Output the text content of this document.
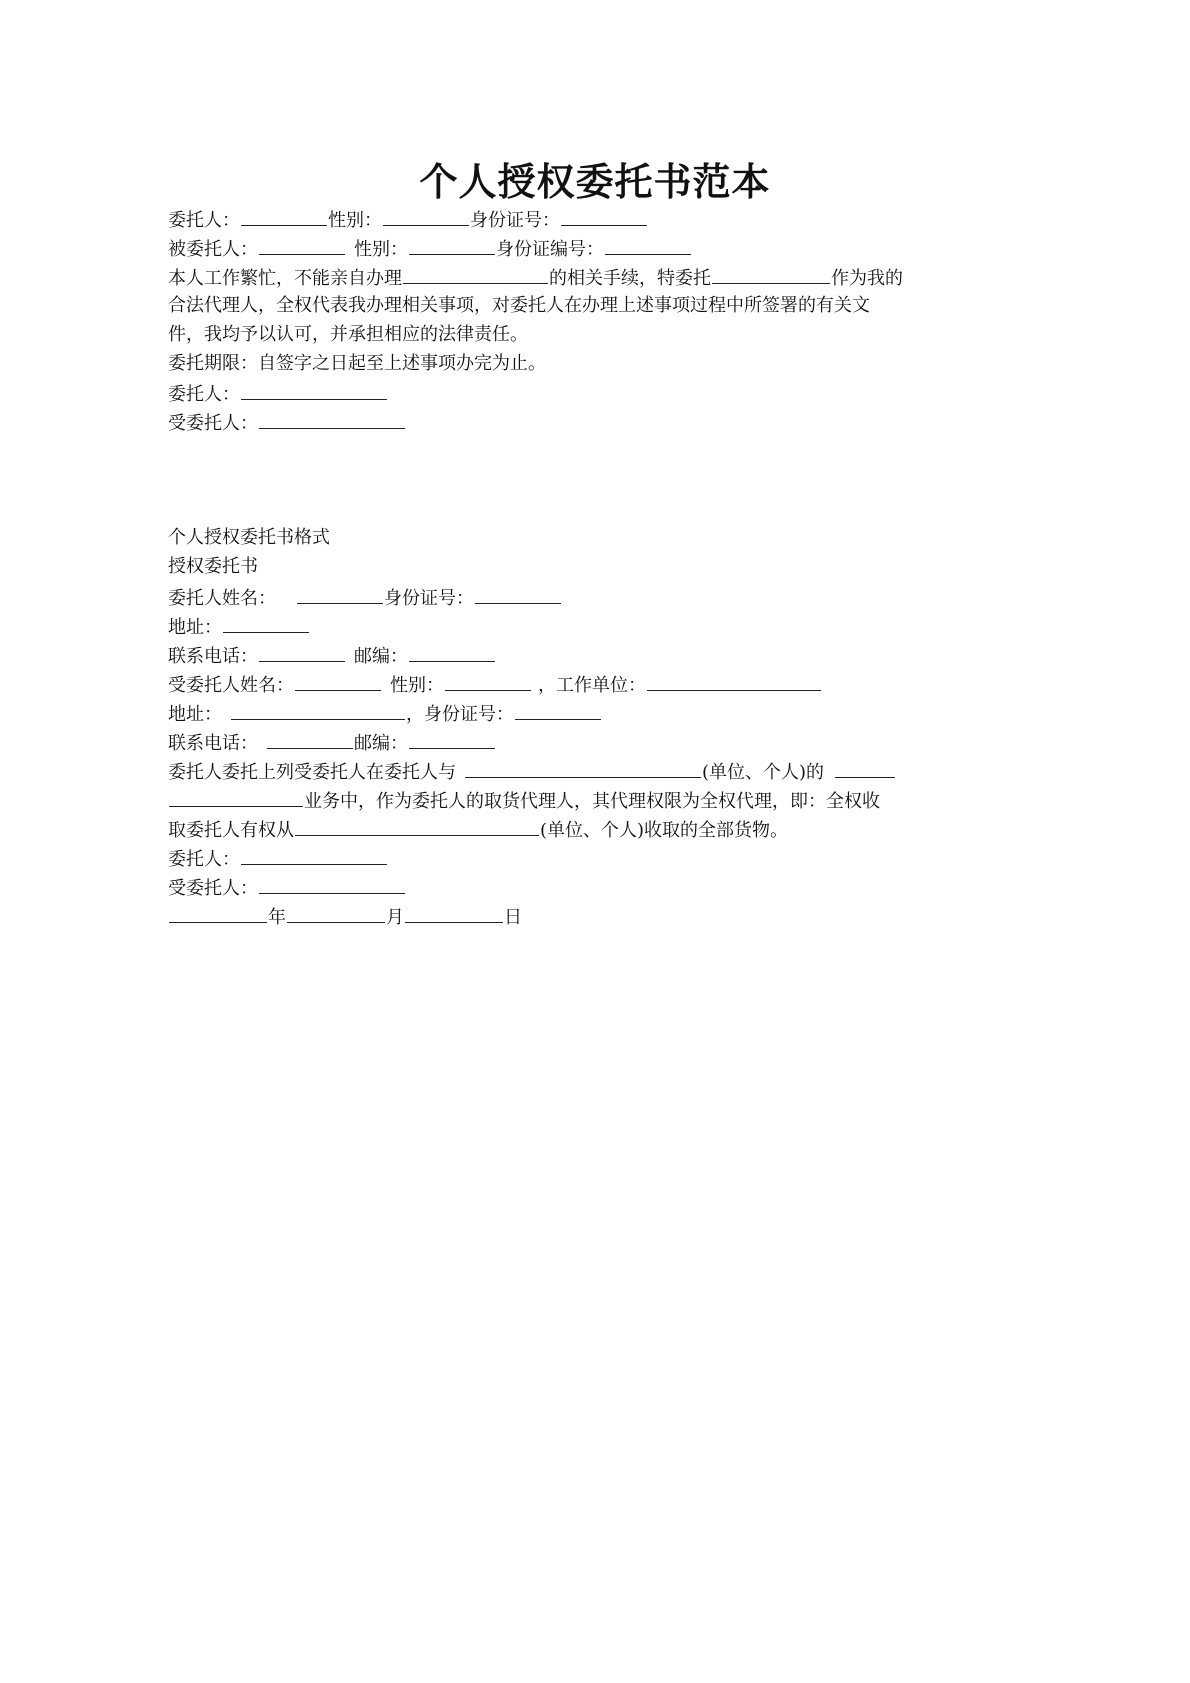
个人授权委托书范本
委托人：	性别：	身份证号：
被委托人：	性别：	身份证编号：
本人工作繁忙，不能亲自办理	的相关手续，特委托	作为我的
合法代理人，全权代表我办理相关事项，对委托人在办理上述事项过程中所签署的有关文
件，我均予以认可，并承担相应的法律责任。
委托期限：自签字之日起至上述事项办完为止。
委托人：
受委托人：
个人授权委托书格式
授权委托书
委托人姓名：	身份证号：
地址：
联系电话：	邮编：
受委托人姓名：	性别：	，工作单位：
地址：	，身份证号：
联系电话：	邮编：
委托人委托上列受委托人在委托人与	(单位、个人)的
业务中，作为委托人的取货代理人，其代理权限为全权代理，即：全权收
取委托人有权从	(单位、个人)收取的全部货物。
委托人：
受委托人：
年	月	日
